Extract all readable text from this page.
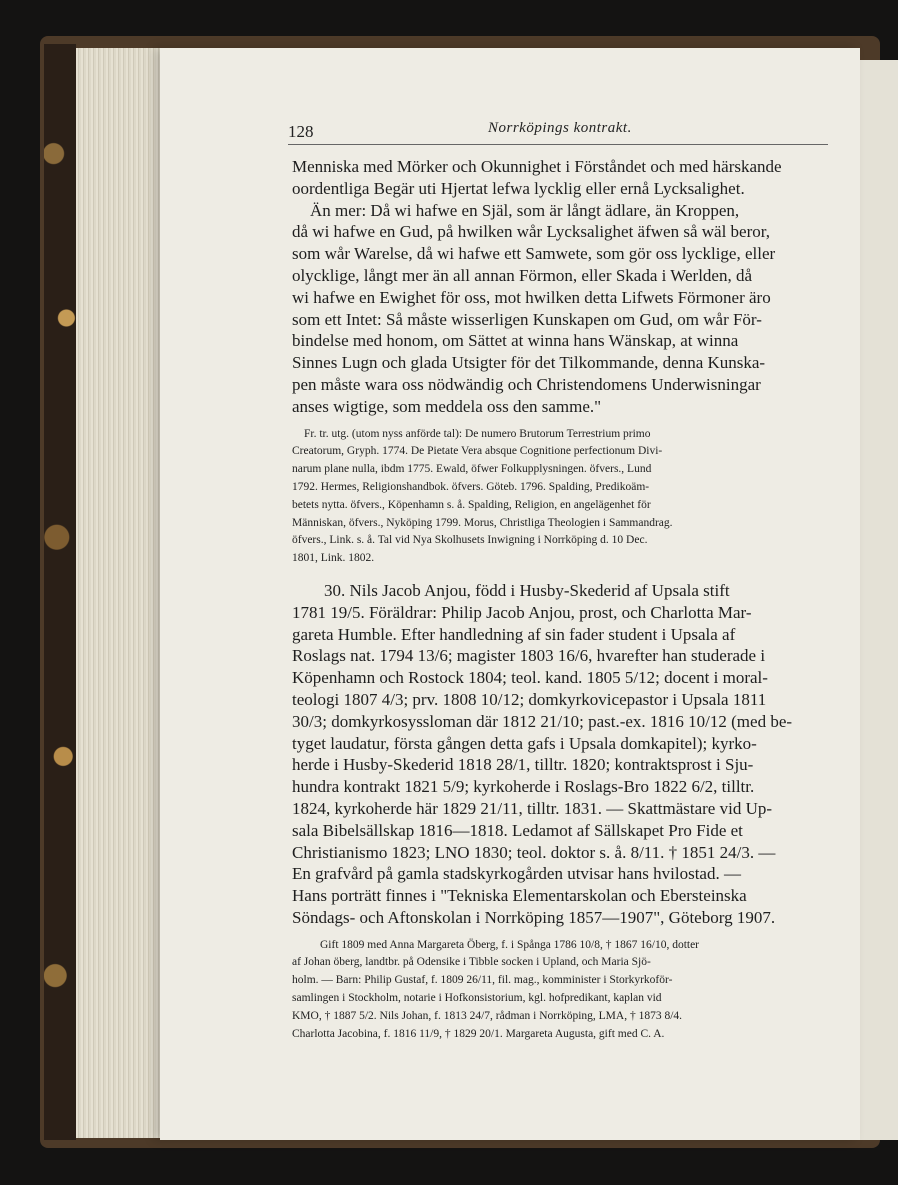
128	Norrköpings kontrakt.
Menniska med Mörker och Okunnighet i Förståndet och med härskande
oordentliga Begär uti Hjertat lefwa lycklig eller ernå Lycksalighet.
Än mer: Då wi hafwe en Själ, som är långt ädlare, än Kroppen,
då wi hafwe en Gud, på hwilken wår Lycksalighet äfwen så wäl beror,
som wår Warelse, då wi hafwe ett Samwete, som gör oss lycklige, eller
olycklige, långt mer än all annan Förmon, eller Skada i Werlden, då
wi hafwe en Ewighet för oss, mot hwilken detta Lifwets Förmoner äro
som ett Intet: Så måste wisserligen Kunskapen om Gud, om wår För-
bindelse med honom, om Sättet at winna hans Wänskap, at winna
Sinnes Lugn och glada Utsigter för det Tilkommande, denna Kunska-
pen måste wara oss nödwändig och Christendomens Underwisningar
anses wigtige, som meddela oss den samme."
Fr. tr. utg. (utom nyss anförde tal): De numero Brutorum Terrestrium primo
Creatorum, Gryph. 1774. De Pietate Vera absque Cognitione perfectionum Divi-
narum plane nulla, ibdm 1775. Ewald, öfwer Folkupplysningen. öfvers., Lund
1792. Hermes, Religionshandbok. öfvers. Göteb. 1796. Spalding, Predikoäm-
betets nytta. öfvers., Köpenhamn s. å. Spalding, Religion, en angelägenhet för
Människan, öfvers., Nyköping 1799. Morus, Christliga Theologien i Sammandrag.
öfvers., Link. s. å. Tal vid Nya Skolhusets Inwigning i Norrköping d. 10 Dec.
1801, Link. 1802.
30. Nils Jacob Anjou, född i Husby-Skederid af Upsala stift
1781 19/5. Föräldrar: Philip Jacob Anjou, prost, och Charlotta Mar-
gareta Humble. Efter handledning af sin fader student i Upsala af
Roslags nat. 1794 13/6; magister 1803 16/6, hvarefter han studerade i
Köpenhamn och Rostock 1804; teol. kand. 1805 5/12; docent i moral-
teologi 1807 4/3; prv. 1808 10/12; domkyrkovicepastor i Upsala 1811
30/3; domkyrkosyssloman där 1812 21/10; past.-ex. 1816 10/12 (med be-
tyget laudatur, första gången detta gafs i Upsala domkapitel); kyrko-
herde i Husby-Skederid 1818 28/1, tilltr. 1820; kontraktsprost i Sju-
hundra kontrakt 1821 5/9; kyrkoherde i Roslags-Bro 1822 6/2, tilltr.
1824, kyrkoherde här 1829 21/11, tilltr. 1831. — Skattmästare vid Up-
sala Bibelsällskap 1816—1818. Ledamot af Sällskapet Pro Fide et
Christianismo 1823; LNO 1830; teol. doktor s. å. 8/11. † 1851 24/3. —
En grafvård på gamla stadskyrkogården utvisar hans hvilostad. —
Hans porträtt finnes i "Tekniska Elementarskolan och Ebersteinska
Söndags- och Aftonskolan i Norrköping 1857—1907", Göteborg 1907.
Gift 1809 med Anna Margareta Öberg, f. i Spånga 1786 10/8, † 1867 16/10, dotter
af Johan öberg, landtbr. på Odensike i Tibble socken i Upland, och Maria Sjö-
holm. — Barn: Philip Gustaf, f. 1809 26/11, fil. mag., komminister i Storkyrkoför-
samlingen i Stockholm, notarie i Hofkonsistorium, kgl. hofpredikant, kaplan vid
KMO, † 1887 5/2. Nils Johan, f. 1813 24/7, rådman i Norrköping, LMA, † 1873 8/4.
Charlotta Jacobina, f. 1816 11/9, † 1829 20/1. Margareta Augusta, gift med C. A.
